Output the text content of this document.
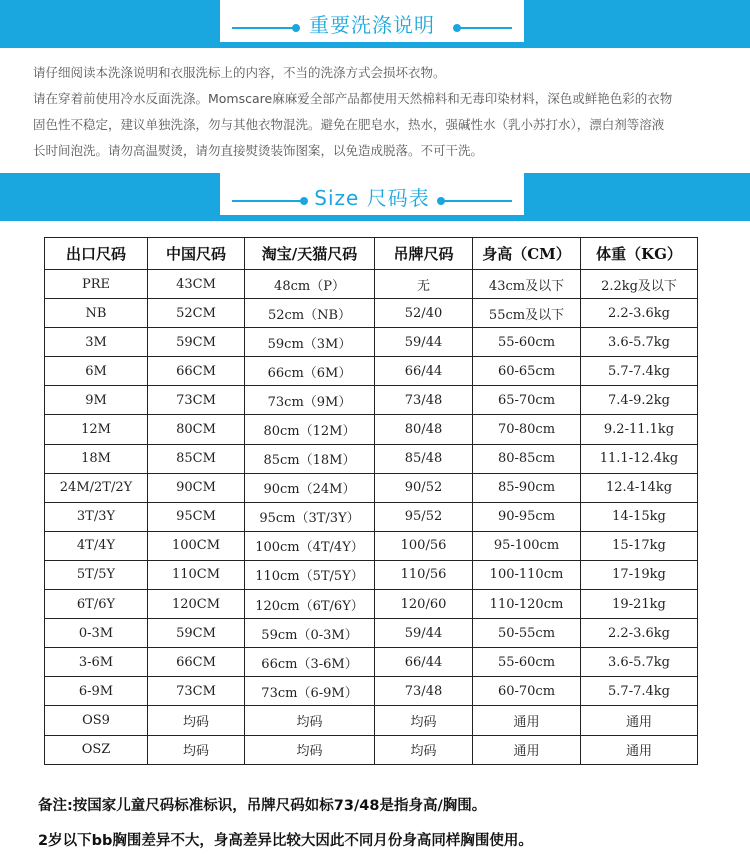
重要洗涤说明

请仔细阅读本洗涤说明和衣服洗标上的内容，不当的洗涤方式会损坏衣物。

请在穿着前使用冷水反面洗涤。Momscare麻麻爱全部产品都使用天然棉料和无毒印染材料，深色或鲜艳色彩的衣物

固色性不稳定，建议单独洗涤，勿与其他衣物混洗。避免在肥皂水，热水，强碱性水（乳小苏打水），漂白剂等溶液

长时间泡洗。请勿高温熨烫，请勿直接熨烫装饰图案，以免造成脱落。不可干洗。

Size 尺码表
出口尺码	中国尺码	淘宝/天猫尺码	吊牌尺码	身高（CM）	体重（KG）
PRE	43CM	48cm（P）	无	43cm及以下	2.2kg及以下
NB	52CM	52cm（NB）	52/40	55cm及以下	2.2-3.6kg
3M	59CM	59cm（3M）	59/44	55-60cm	3.6-5.7kg
6M	66CM	66cm（6M）	66/44	60-65cm	5.7-7.4kg
9M	73CM	73cm（9M）	73/48	65-70cm	7.4-9.2kg
12M	80CM	80cm（12M）	80/48	70-80cm	9.2-11.1kg
18M	85CM	85cm（18M）	85/48	80-85cm	11.1-12.4kg
24M/2T/2Y	90CM	90cm（24M）	90/52	85-90cm	12.4-14kg
3T/3Y	95CM	95cm（3T/3Y）	95/52	90-95cm	14-15kg
4T/4Y	100CM	100cm（4T/4Y）	100/56	95-100cm	15-17kg
5T/5Y	110CM	110cm（5T/5Y）	110/56	100-110cm	17-19kg
6T/6Y	120CM	120cm（6T/6Y）	120/60	110-120cm	19-21kg
0-3M	59CM	59cm（0-3M）	59/44	50-55cm	2.2-3.6kg
3-6M	66CM	66cm（3-6M）	66/44	55-60cm	3.6-5.7kg
6-9M	73CM	73cm（6-9M）	73/48	60-70cm	5.7-7.4kg
OS9	均码	均码	均码	通用	通用
OSZ	均码	均码	均码	通用	通用
备注:按国家儿童尺码标准标识，吊牌尺码如标73/48是指身高/胸围。
2岁以下bb胸围差异不大，身高差异比较大因此不同月份身高同样胸围使用。
